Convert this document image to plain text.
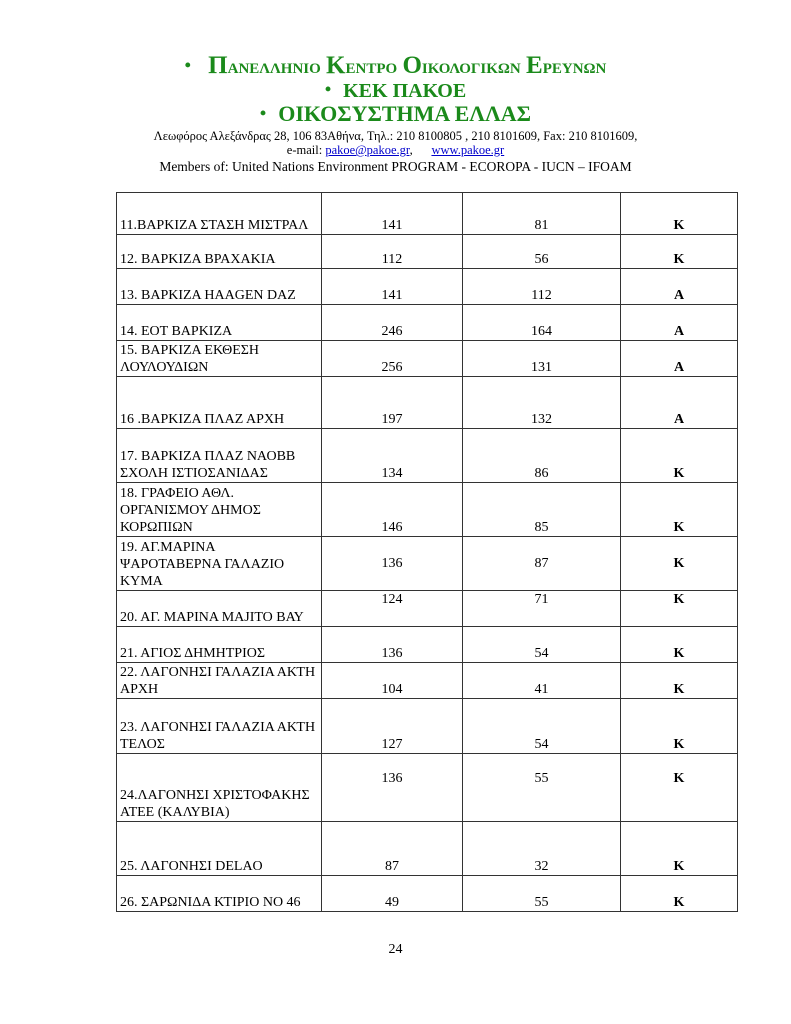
• ΠΑΝΕΛΛΗΝΙΟ ΚΕΝΤΡΟ ΟΙΚΟΛΟΓΙΚΩΝ ΕΡΕΥΝΩΝ
• ΚΕΚ ΠΑΚΟΕ
• ΟΙΚΟΣΥΣΤΗΜΑ ΕΛΛΑΣ
Λεωφόρος Αλεξάνδρας 28, 106 83Αθήνα, Τηλ.: 210 8100805 , 210 8101609, Fax: 210 8101609,
e-mail: pakoe@pakoe.gr, www.pakoe.gr
Members of: United Nations Environment PROGRAM - ECOROPA - IUCN – IFOAM
11.ΒΑΡΚΙΖΑ ΣΤΑΣΗ ΜΙΣΤΡΑΛ	141	81	Κ
12. ΒΑΡΚΙΖΑ ΒΡΑΧΑΚΙΑ	112	56	Κ
13. ΒΑΡΚΙΖΑ HAAGEN DAZ	141	112	Α
14. ΕΟΤ ΒΑΡΚΙΖΑ	246	164	Α
15. ΒΑΡΚΙΖΑ ΕΚΘΕΣΗ ΛΟΥΛΟΥΔΙΩΝ	256	131	Α
16 .ΒΑΡΚΙΖΑ ΠΛΑΖ ΑΡΧΗ	197	132	Α
17. ΒΑΡΚΙΖΑ ΠΛΑΖ ΝΑΟΒΒ ΣΧΟΛΗ ΙΣΤΙΟΣΑΝΙΔΑΣ	134	86	Κ
18. ΓΡΑΦΕΙΟ ΑΘΛ. ΟΡΓΑΝΙΣΜΟΥ ΔΗΜΟΣ ΚΟΡΩΠΙΩΝ	146	85	Κ
19. ΑΓ.ΜΑΡΙΝΑ ΨΑΡΟΤΑΒΕΡΝΑ ΓΑΛΑΖΙΟ ΚΥΜΑ	136	87	Κ
20. ΑΓ. ΜΑΡΙΝΑ ΜΑJΙΤΟ ΒΑΥ	124	71	Κ
21. ΑΓΙΟΣ ΔΗΜΗΤΡΙΟΣ	136	54	Κ
22. ΛΑΓΟΝΗΣΙ ΓΑΛΑΖΙΑ ΑΚΤΗ ΑΡΧΗ	104	41	Κ
23. ΛΑΓΟΝΗΣΙ ΓΑΛΑΖΙΑ ΑΚΤΗ ΤΕΛΟΣ	127	54	Κ
24.ΛΑΓΟΝΗΣΙ ΧΡΙΣΤΟΦΑΚΗΣ ΑΤΕΕ (ΚΑΛΥΒΙΑ)	136	55	Κ
25. ΛΑΓΟΝΗΣΙ DELAO	87	32	Κ
26. ΣΑΡΩΝΙΔΑ ΚΤΙΡΙΟ ΝΟ 46	49	55	Κ
24
